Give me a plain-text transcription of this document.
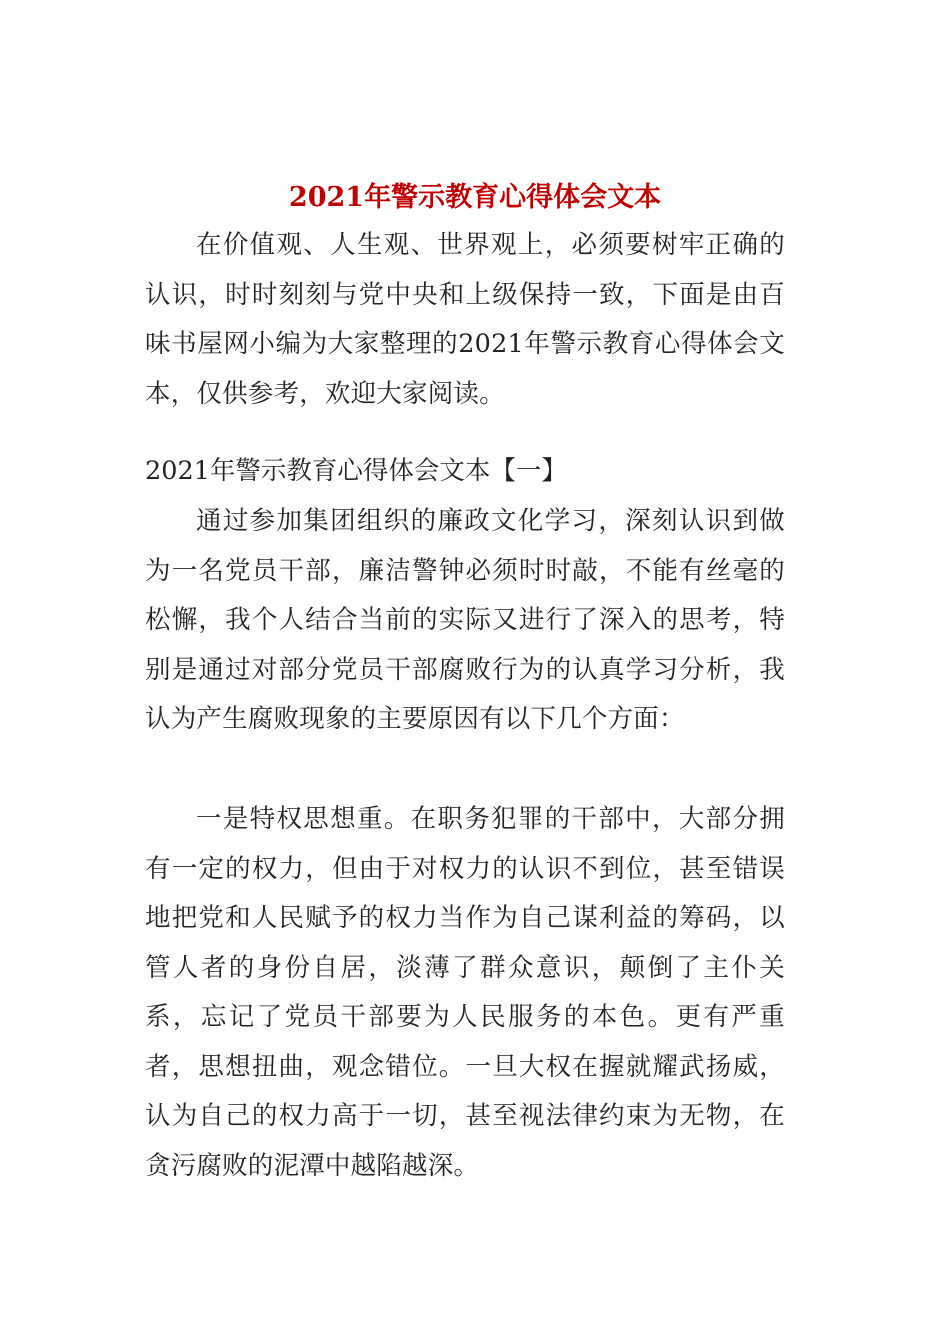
2021年警示教育心得体会文本

在价值观、人生观、世界观上，必须要树牢正确的认识，时时刻刻与党中央和上级保持一致，下面是由百味书屋网小编为大家整理的2021年警示教育心得体会文本，仅供参考，欢迎大家阅读。

2021年警示教育心得体会文本【一】

通过参加集团组织的廉政文化学习，深刻认识到做为一名党员干部，廉洁警钟必须时时敲，不能有丝毫的松懈，我个人结合当前的实际又进行了深入的思考，特别是通过对部分党员干部腐败行为的认真学习分析，我认为产生腐败现象的主要原因有以下几个方面：

一是特权思想重。在职务犯罪的干部中，大部分拥有一定的权力，但由于对权力的认识不到位，甚至错误地把党和人民赋予的权力当作为自己谋利益的筹码，以管人者的身份自居，淡薄了群众意识，颠倒了主仆关系，忘记了党员干部要为人民服务的本色。更有严重者，思想扭曲，观念错位。一旦大权在握就耀武扬威，认为自己的权力高于一切，甚至视法律约束为无物，在贪污腐败的泥潭中越陷越深。
